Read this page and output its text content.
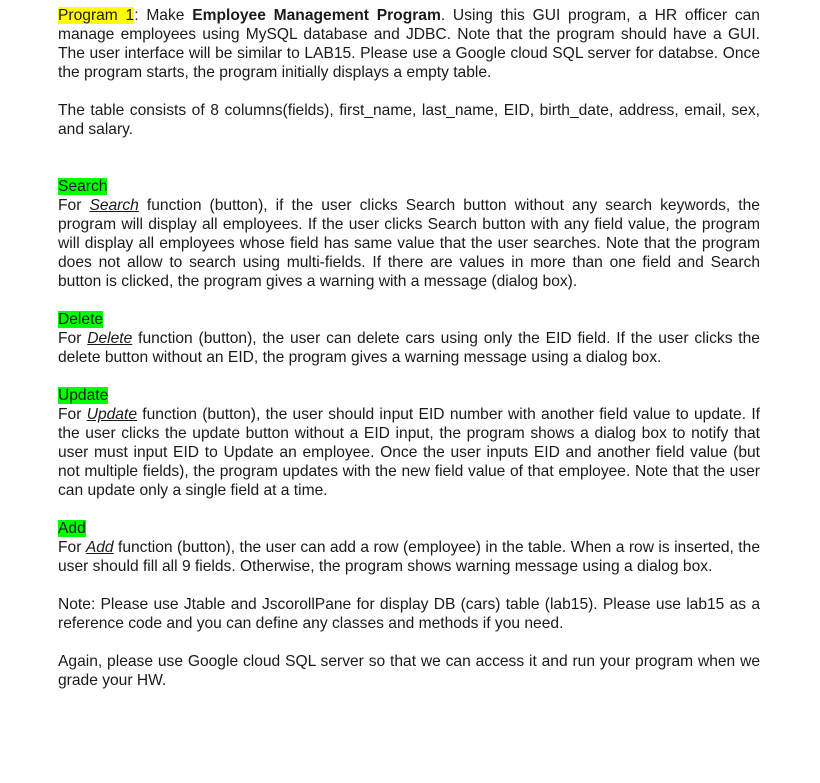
Program 1: Make Employee Management Program. Using this GUI program, a HR officer can manage employees using MySQL database and JDBC. Note that the program should have a GUI. The user interface will be similar to LAB15. Please use a Google cloud SQL server for databse. Once the program starts, the program initially displays a empty table.

The table consists of 8 columns(fields), first_name, last_name, EID, birth_date, address, email, sex, and salary.

Search

For Search function (button), if the user clicks Search button without any search keywords, the program will display all employees. If the user clicks Search button with any field value, the program will display all employees whose field has same value that the user searches. Note that the program does not allow to search using multi-fields. If there are values in more than one field and Search button is clicked, the program gives a warning with a message (dialog box).

Delete

For Delete function (button), the user can delete cars using only the EID field. If the user clicks the delete button without an EID, the program gives a warning message using a dialog box.

Update

For Update function (button), the user should input EID number with another field value to update. If the user clicks the update button without a EID input, the program shows a dialog box to notify that user must input EID to Update an employee. Once the user inputs EID and another field value (but not multiple fields), the program updates with the new field value of that employee. Note that the user can update only a single field at a time.

Add

For Add function (button), the user can add a row (employee) in the table. When a row is inserted, the user should fill all 9 fields. Otherwise, the program shows warning message using a dialog box.

Note: Please use Jtable and JscorollPane for display DB (cars) table (lab15). Please use lab15 as a reference code and you can define any classes and methods if you need.

Again, please use Google cloud SQL server so that we can access it and run your program when we grade your HW.
